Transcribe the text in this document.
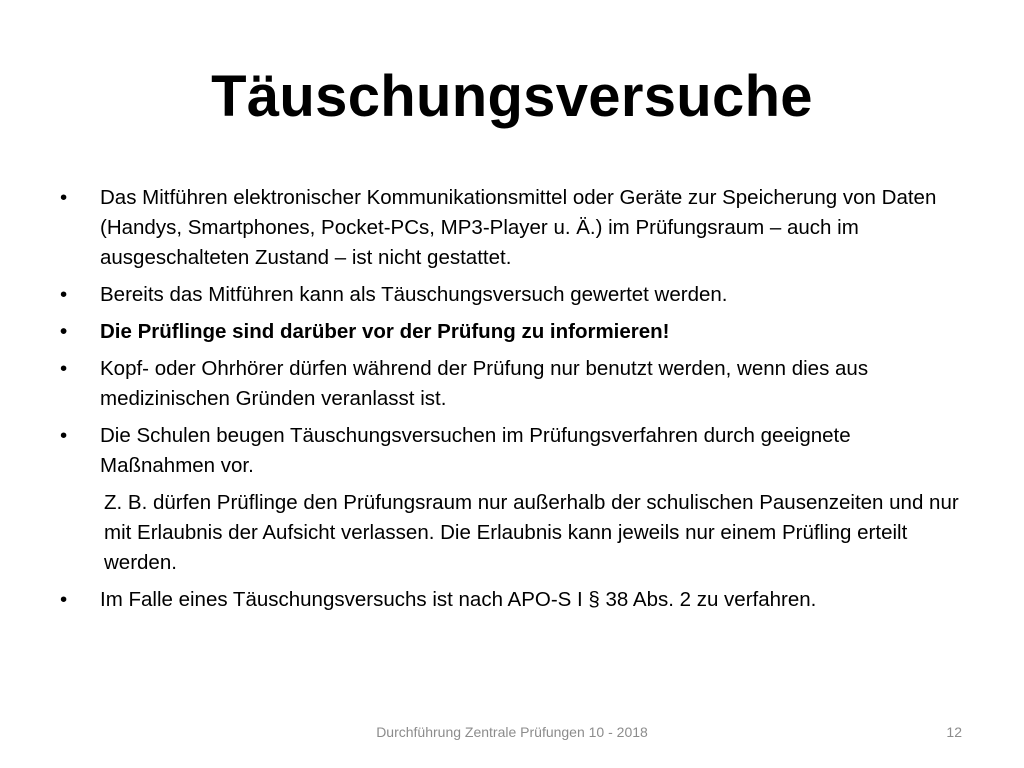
Täuschungsversuche
•	Das Mitführen elektronischer Kommunikationsmittel oder Geräte zur Speicherung von Daten (Handys, Smartphones, Pocket-PCs, MP3-Player u. Ä.) im Prüfungsraum – auch im ausgeschalteten Zustand – ist nicht gestattet.
•	Bereits das Mitführen kann als Täuschungsversuch gewertet werden.
•	Die Prüflinge sind darüber vor der Prüfung zu informieren!
•	Kopf- oder Ohrhörer dürfen während der Prüfung nur benutzt werden, wenn dies aus medizinischen Gründen veranlasst ist.
•	Die Schulen beugen Täuschungsversuchen im Prüfungsverfahren durch geeignete Maßnahmen vor.
Z. B. dürfen Prüflinge den Prüfungsraum nur außerhalb der schulischen Pausenzeiten und nur mit Erlaubnis der Aufsicht verlassen. Die Erlaubnis kann jeweils nur einem Prüfling erteilt werden.
•	Im Falle eines Täuschungsversuchs ist nach APO-S I § 38 Abs. 2 zu verfahren.
Durchführung Zentrale Prüfungen 10 - 2018	12
